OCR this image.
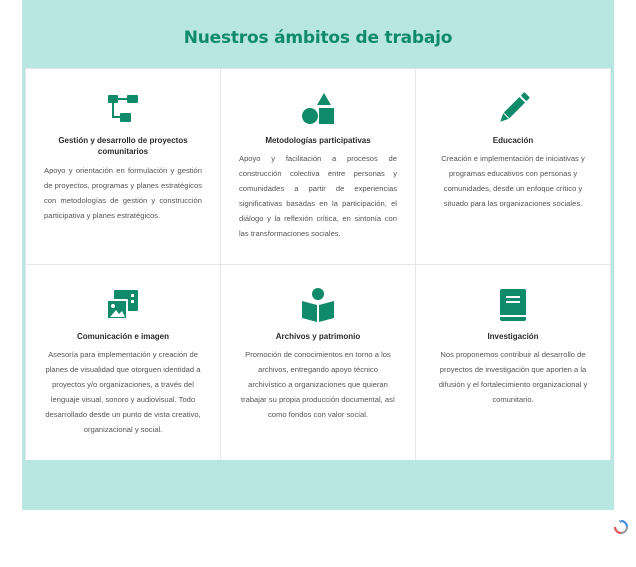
Nuestros ámbitos de trabajo
Gestión y desarrollo de proyectos comunitarios
Apoyo y orientación en formulación y gestión de proyectos, programas y planes estratégicos con metodologías de gestión y construcción participativa y planes estratégicos.
Metodologías participativas
Apoyo y facilitación a procesos de construcción colectiva entre personas y comunidades a partir de experiencias significativas basadas en la participación, el diálogo y la reflexión crítica, en sintonía con las transformaciones sociales.
Educación
Creación e implementación de iniciativas y programas educativos con personas y comunidades, desde un enfoque crítico y situado para las organizaciones sociales.
Comunicación e imagen
Asesoría para implementación y creación de planes de visualidad que otorguen identidad a proyectos y/o organizaciones, a través del lenguaje visual, sonoro y audiovisual. Todo desarrollado desde un punto de vista creativo, organizacional y social.
Archivos y patrimonio
Promoción de conocimientos en torno a los archivos, entregando apoyo técnico archivístico a organizaciones que quieran trabajar su propia producción documental, así como fondos con valor social.
Investigación
Nos proponemos contribuir al desarrollo de proyectos de investigación que aporten a la difusión y el fortalecimiento organizacional y comunitario.
